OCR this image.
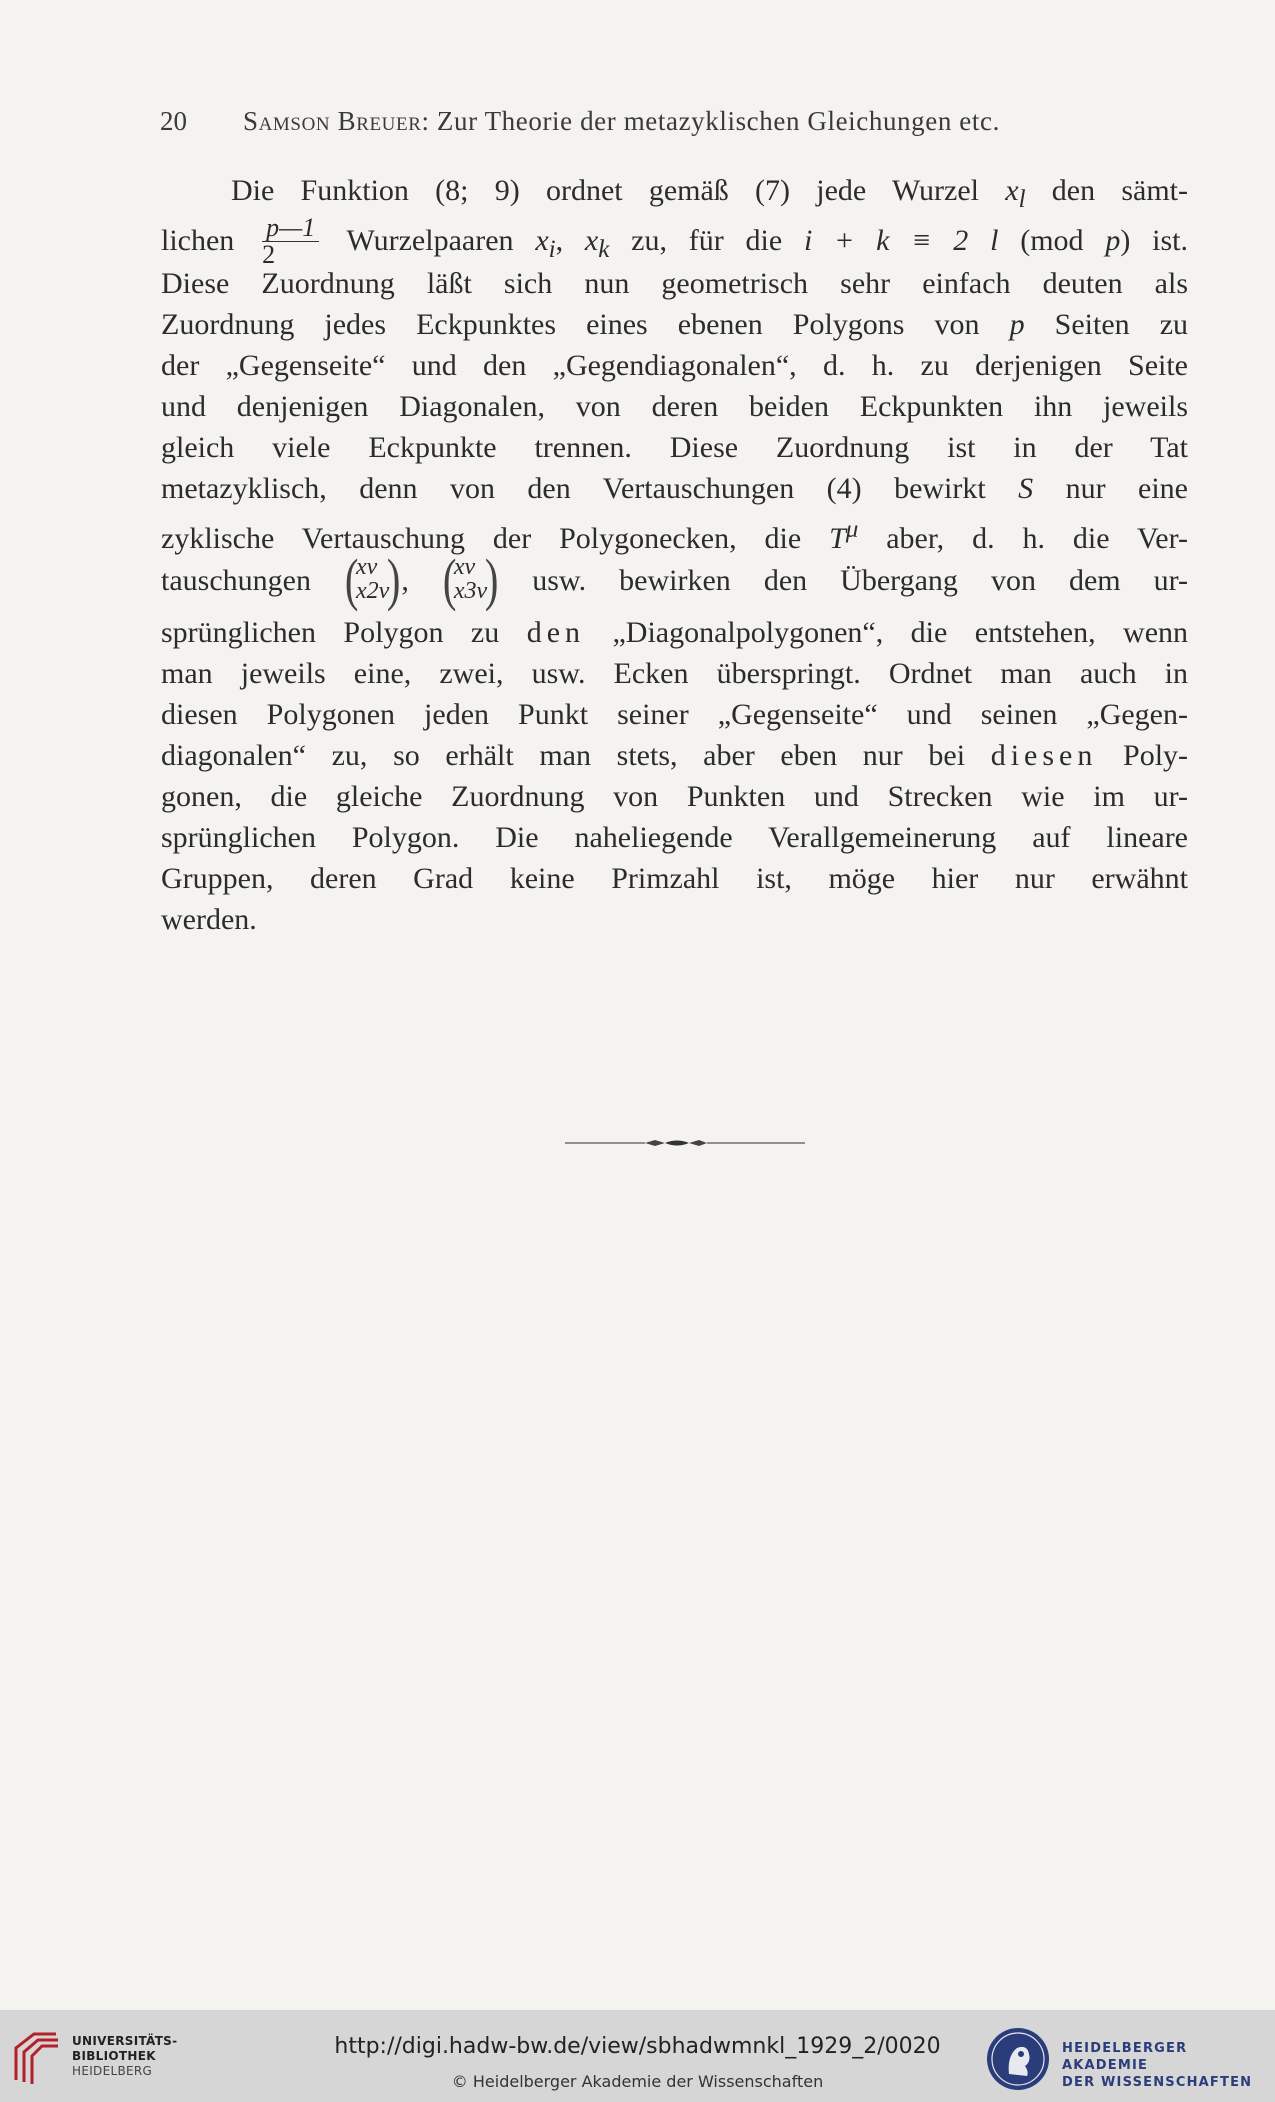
20 Samson Breuer: Zur Theorie der metazyklischen Gleichungen etc.
Die Funktion (8; 9) ordnet gemäß (7) jede Wurzel $x_l$ den sämt-
lichen $\frac{p—1}{2}$ Wurzelpaaren $x_i$, $x_k$ zu, für die i + k ≡ 2 l (mod p) ist.
Diese Zuordnung läßt sich nun geometrisch sehr einfach deuten als
Zuordnung jedes Eckpunktes eines ebenen Polygons von p Seiten zu
der „Gegenseite“ und den „Gegendiagonalen“, d. h. zu derjenigen Seite
und denjenigen Diagonalen, von deren beiden Eckpunkten ihn jeweils
gleich viele Eckpunkte trennen. Diese Zuordnung ist in der Tat
metazyklisch, denn von den Vertauschungen (4) bewirkt S nur eine
zyklische Vertauschung der Polygonecken, die $T^\mu$ aber, d. h. die Ver-
tauschungen (
xν
x2ν
) , (
xν
x3ν
) usw. bewirken den Übergang von dem ur-
sprünglichen Polygon zu den „Diagonalpolygonen“, die entstehen, wenn
man jeweils eine, zwei, usw. Ecken überspringt. Ordnet man auch in
diesen Polygonen jeden Punkt seiner „Gegenseite“ und seinen „Gegen-
diagonalen“ zu, so erhält man stets, aber eben nur bei diesen Poly-
gonen, die gleiche Zuordnung von Punkten und Strecken wie im ur-
sprünglichen Polygon. Die naheliegende Verallgemeinerung auf lineare
Gruppen, deren Grad keine Primzahl ist, möge hier nur erwähnt
werden.
UNIVERSITÄTS-
BIBLIOTHEK
HEIDELBERG
http://digi.hadw-bw.de/view/sbhadwmnkl_1929_2/0020
© Heidelberger Akademie der Wissenschaften
HEIDELBERGER AKADEMIE
DER WISSENSCHAFTEN
